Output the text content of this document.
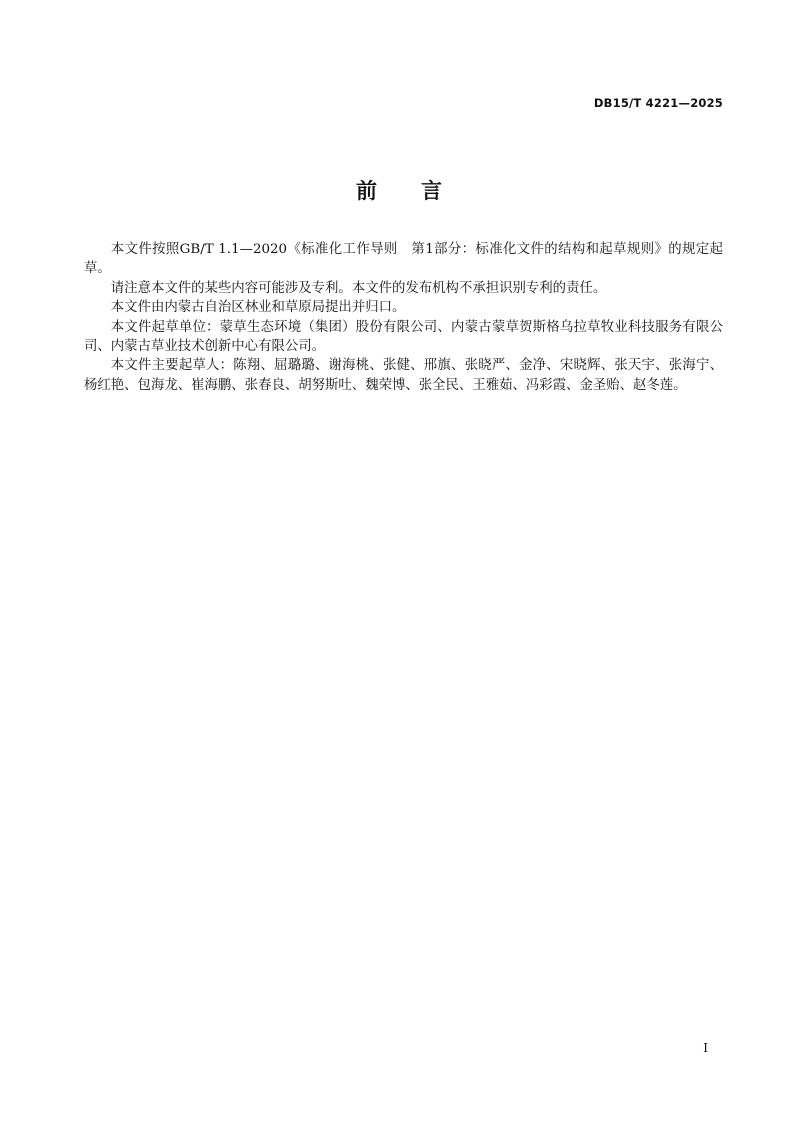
DB15/T 4221—2025
前 言

本文件按照GB/T 1.1—2020《标准化工作导则　第1部分：标准化文件的结构和起草规则》的规定起草。

请注意本文件的某些内容可能涉及专利。本文件的发布机构不承担识别专利的责任。

本文件由内蒙古自治区林业和草原局提出并归口。

本文件起草单位：蒙草生态环境（集团）股份有限公司、内蒙古蒙草贺斯格乌拉草牧业科技服务有限公司、内蒙古草业技术创新中心有限公司。

本文件主要起草人：陈翔、屈璐璐、谢海桃、张健、邢旗、张晓严、金净、宋晓辉、张天宇、张海宁、杨红艳、包海龙、崔海鹏、张春良、胡努斯吐、魏荣博、张全民、王雅茹、冯彩霞、金圣贻、赵冬莲。

I
